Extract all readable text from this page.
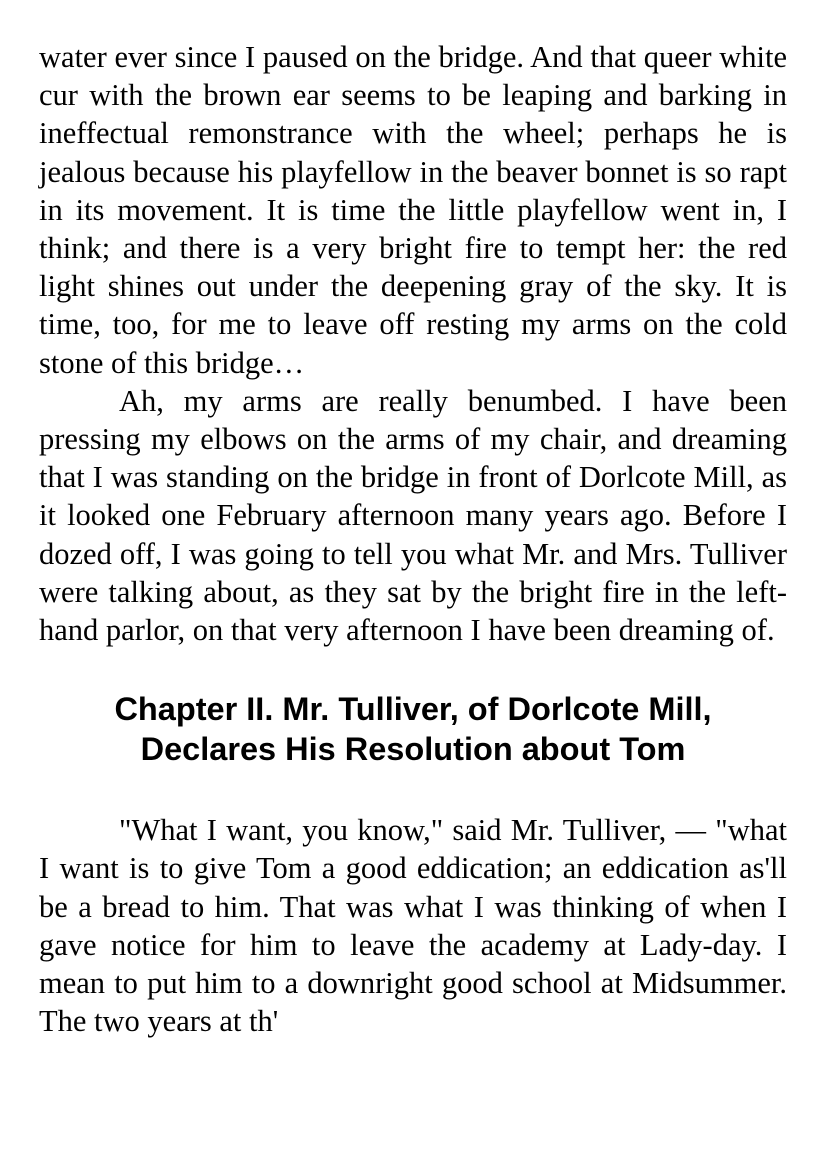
water ever since I paused on the bridge. And that queer white cur with the brown ear seems to be leaping and barking in ineffectual remonstrance with the wheel; perhaps he is jealous because his playfellow in the beaver bonnet is so rapt in its movement. It is time the little playfellow went in, I think; and there is a very bright fire to tempt her: the red light shines out under the deepening gray of the sky. It is time, too, for me to leave off resting my arms on the cold stone of this bridge…

Ah, my arms are really benumbed. I have been pressing my elbows on the arms of my chair, and dreaming that I was standing on the bridge in front of Dorlcote Mill, as it looked one February afternoon many years ago. Before I dozed off, I was going to tell you what Mr. and Mrs. Tulliver were talking about, as they sat by the bright fire in the left-hand parlor, on that very afternoon I have been dreaming of.

Chapter II. Mr. Tulliver, of Dorlcote Mill,
Declares His Resolution about Tom

"What I want, you know," said Mr. Tulliver, — "what I want is to give Tom a good eddication; an eddication as'll be a bread to him. That was what I was thinking of when I gave notice for him to leave the academy at Lady-day. I mean to put him to a downright good school at Midsummer. The two years at th'
